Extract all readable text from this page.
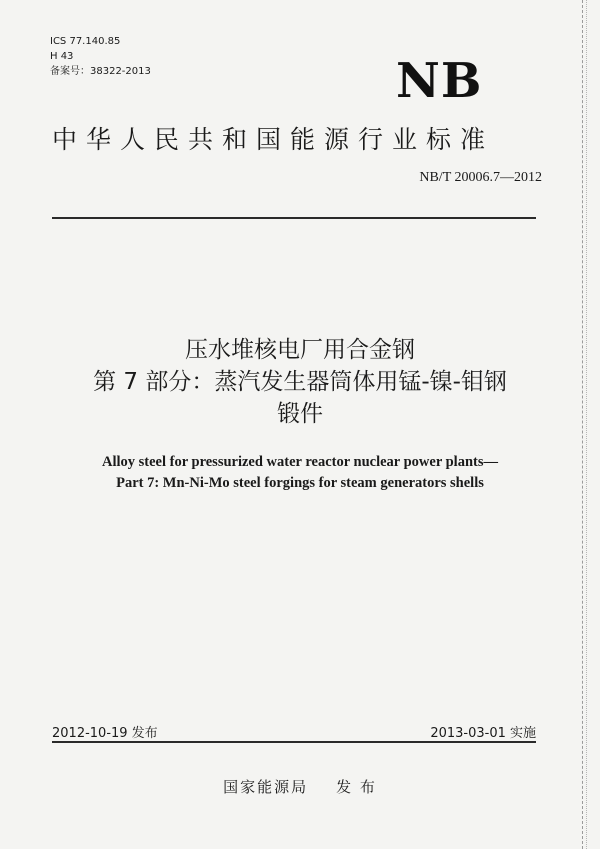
ICS 77.140.85
H 43
备案号：38322-2013	NB
中华人民共和国能源行业标准
NB/T 20006.7—2012
压水堆核电厂用合金钢
第 7 部分：蒸汽发生器筒体用锰-镍-钼钢
锻件
Alloy steel for pressurized water reactor nuclear power plants—
Part 7: Mn-Ni-Mo steel forgings for steam generators shells
2012-10-19 发布	2013-03-01 实施
国家能源局 发 布
